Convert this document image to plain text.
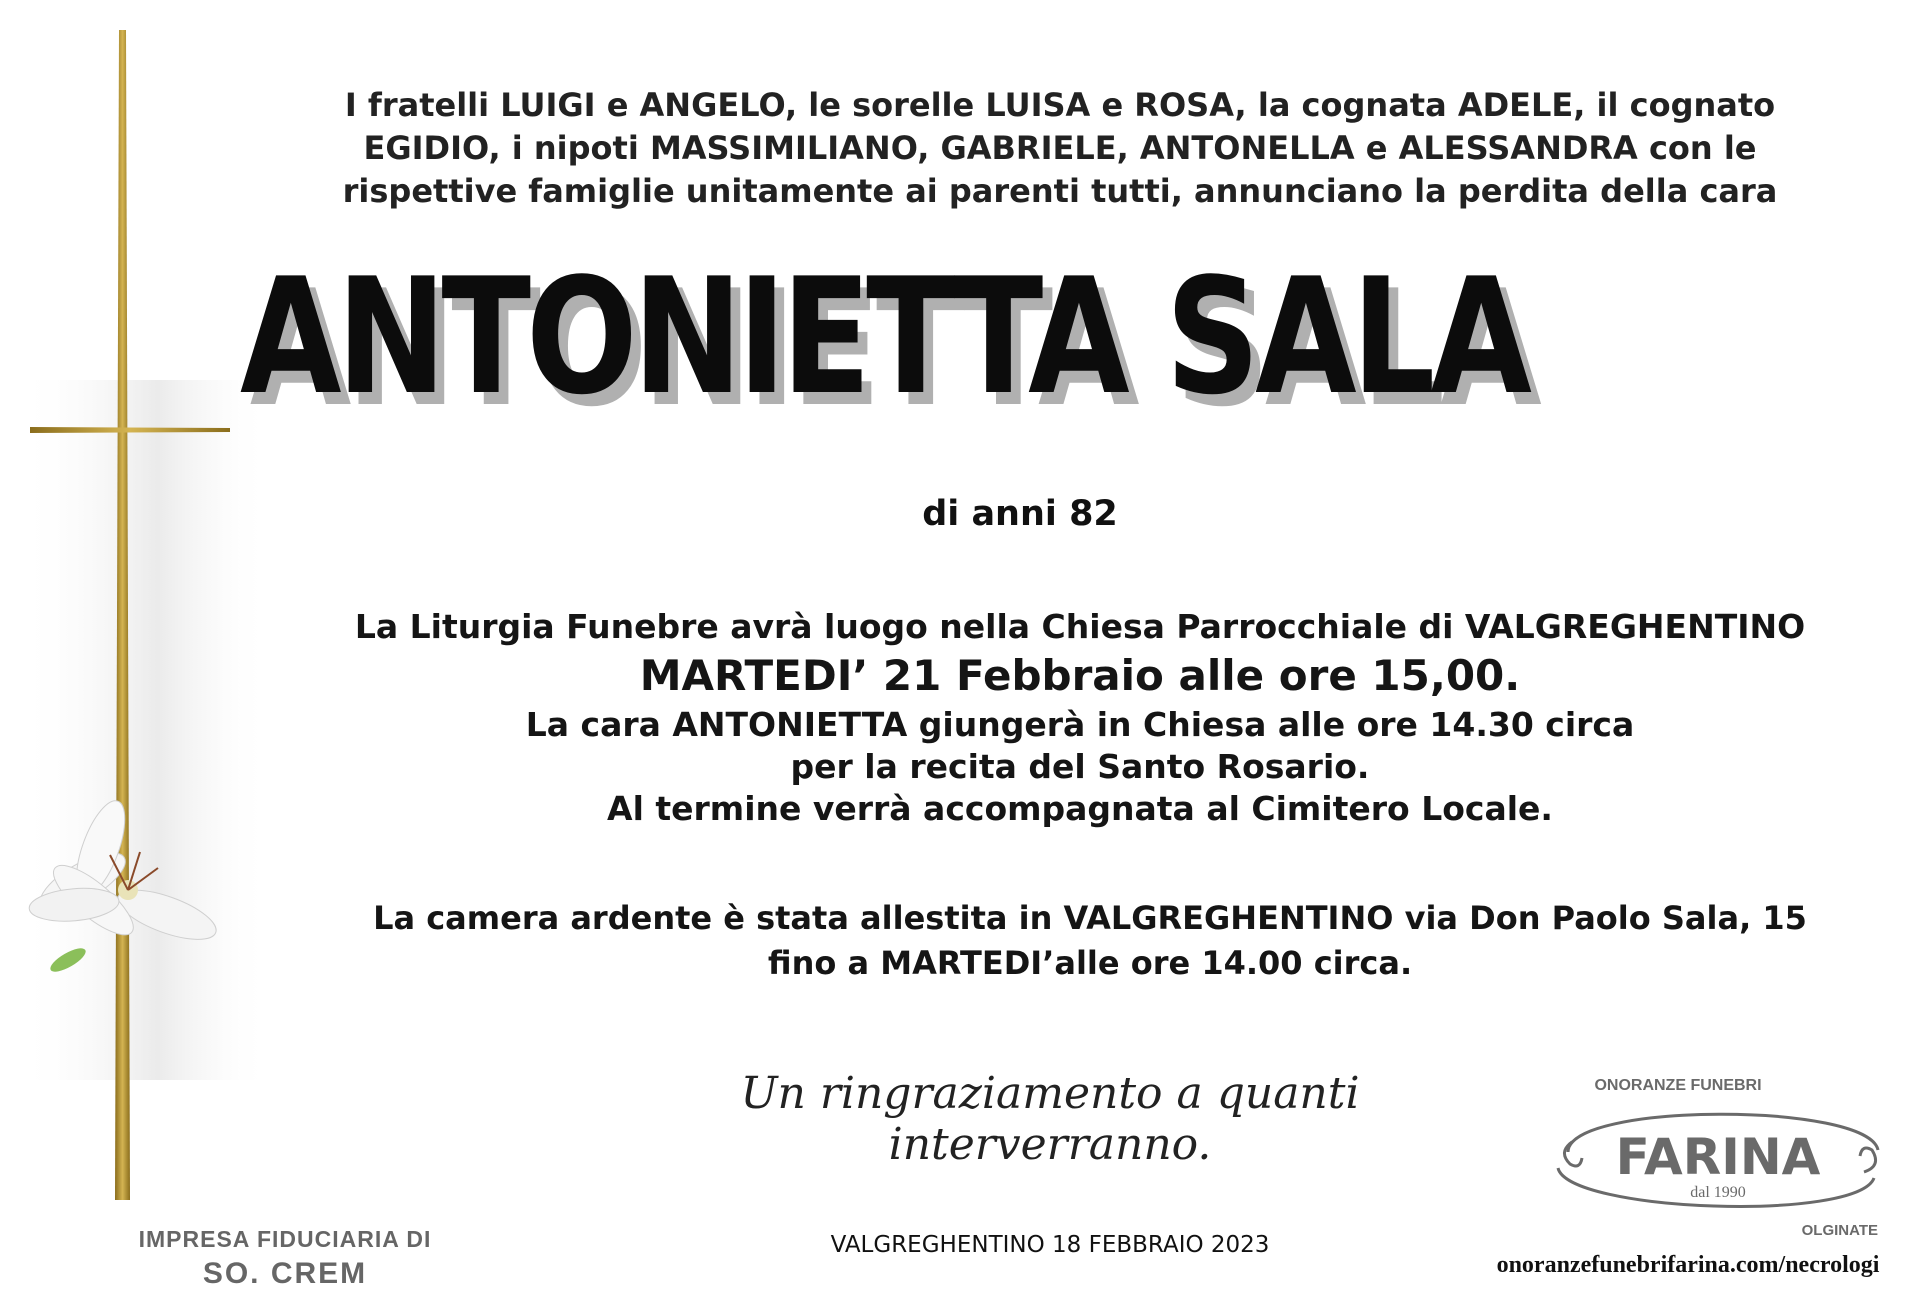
I fratelli LUIGI e ANGELO, le sorelle LUISA e ROSA, la cognata ADELE, il cognato
EGIDIO, i nipoti MASSIMILIANO, GABRIELE, ANTONELLA e ALESSANDRA con le
rispettive famiglie unitamente ai parenti tutti, annunciano la perdita della cara
ANTONIETTA SALA
di anni 82
La Liturgia Funebre avrà luogo nella Chiesa Parrocchiale di VALGREGHENTINO
MARTEDI’ 21 Febbraio alle ore 15,00.
La cara ANTONIETTA giungerà in Chiesa alle ore 14.30 circa
per la recita del Santo Rosario.
Al termine verrà accompagnata al Cimitero Locale.
La camera ardente è stata allestita in VALGREGHENTINO via Don Paolo Sala, 15
fino a MARTEDI’alle ore 14.00 circa.
Un ringraziamento a quanti interverranno.
VALGREGHENTINO 18 FEBBRAIO 2023
IMPRESA FIDUCIARIA DI
SO. CREM
ONORANZE FUNEBRI
FARINA
dal 1990
OLGINATE
onoranzefunebrifarina.com/necrologi
